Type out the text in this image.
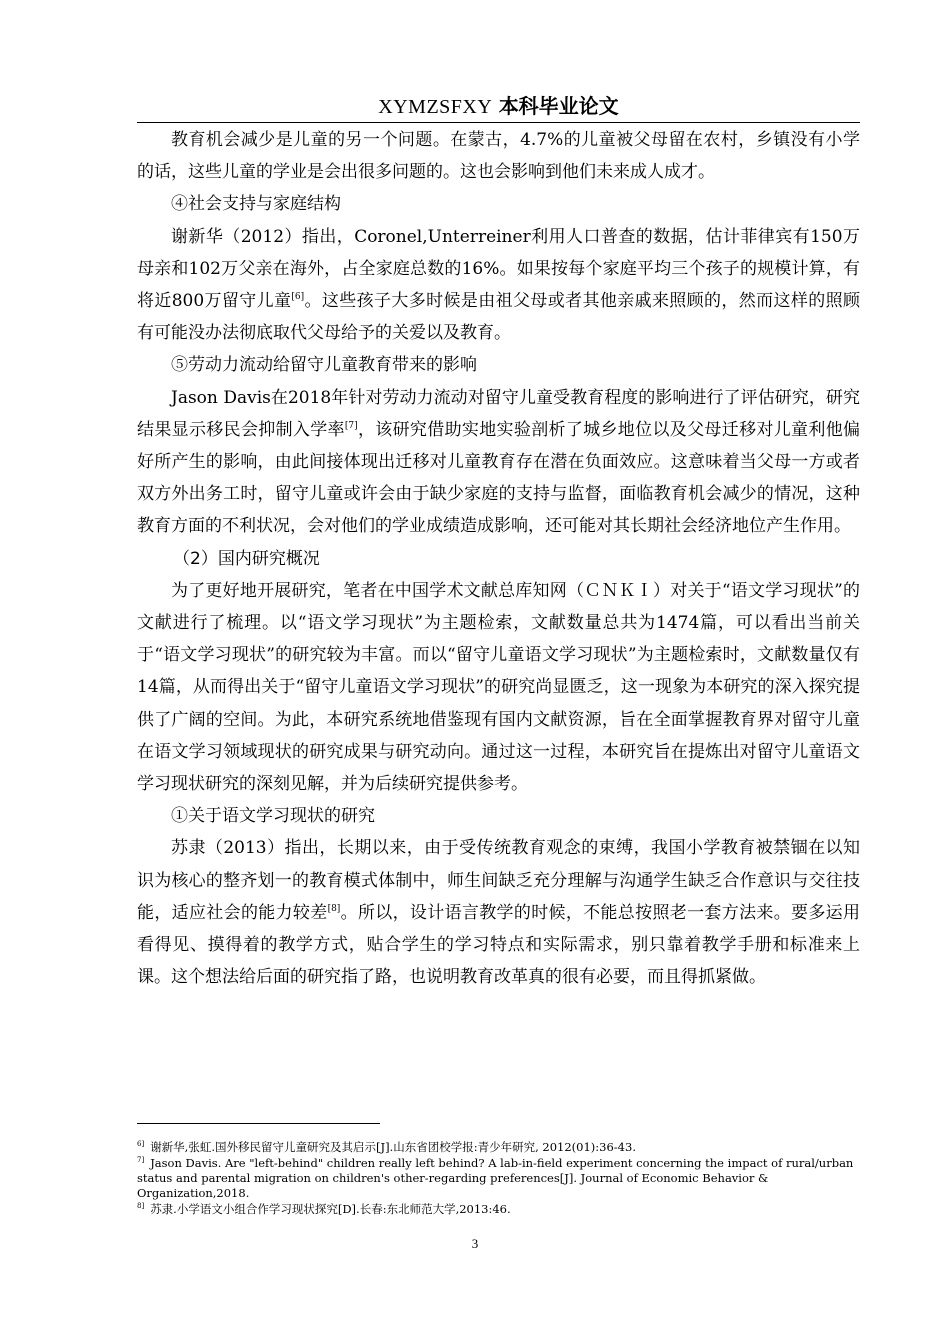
XYMZSFXY 本科毕业论文

教育机会减少是儿童的另一个问题。在蒙古，4.7%的儿童被父母留在农村，乡镇没有小学的话，这些儿童的学业是会出很多问题的。这也会影响到他们未来成人成才。

④社会支持与家庭结构

谢新华（2012）指出，Coronel,Unterreiner利用人口普查的数据，估计菲律宾有150万母亲和102万父亲在海外，占全家庭总数的16%。如果按每个家庭平均三个孩子的规模计算，有将近800万留守儿童[6]。这些孩子大多时候是由祖父母或者其他亲戚来照顾的，然而这样的照顾有可能没办法彻底取代父母给予的关爱以及教育。

⑤劳动力流动给留守儿童教育带来的影响

Jason Davis在2018年针对劳动力流动对留守儿童受教育程度的影响进行了评估研究，研究结果显示移民会抑制入学率[7]，该研究借助实地实验剖析了城乡地位以及父母迁移对儿童利他偏好所产生的影响，由此间接体现出迁移对儿童教育存在潜在负面效应。这意味着当父母一方或者双方外出务工时，留守儿童或许会由于缺少家庭的支持与监督，面临教育机会减少的情况，这种教育方面的不利状况，会对他们的学业成绩造成影响，还可能对其长期社会经济地位产生作用。

（2）国内研究概况

为了更好地开展研究，笔者在中国学术文献总库知网（ＣＮＫＩ）对关于“语文学习现状”的文献进行了梳理。以“语文学习现状”为主题检索，文献数量总共为1474篇，可以看出当前关于“语文学习现状”的研究较为丰富。而以“留守儿童语文学习现状”为主题检索时，文献数量仅有14篇，从而得出关于“留守儿童语文学习现状”的研究尚显匮乏，这一现象为本研究的深入探究提供了广阔的空间。为此，本研究系统地借鉴现有国内文献资源，旨在全面掌握教育界对留守儿童在语文学习领域现状的研究成果与研究动向。通过这一过程，本研究旨在提炼出对留守儿童语文学习现状研究的深刻见解，并为后续研究提供参考。

①关于语文学习现状的研究

苏隶（2013）指出，长期以来，由于受传统教育观念的束缚，我国小学教育被禁锢在以知识为核心的整齐划一的教育模式体制中，师生间缺乏充分理解与沟通学生缺乏合作意识与交往技能，适应社会的能力较差[8]。所以，设计语言教学的时候，不能总按照老一套方法来。要多运用看得见、摸得着的教学方式，贴合学生的学习特点和实际需求，别只靠着教学手册和标准来上课。这个想法给后面的研究指了路，也说明教育改革真的很有必要，而且得抓紧做。

$^{6]}$ 谢新华,张虹.国外移民留守儿童研究及其启示[J].山东省团校学报:青少年研究, 2012(01):36-43.
$^{7]}$ Jason Davis. Are "left-behind" children really left behind? A lab-in-field experiment concerning the impact of rural/urban status and parental migration on children's other-regarding preferences[J]. Journal of Economic Behavior & Organization,2018.
$^{8]}$ 苏隶.小学语文小组合作学习现状探究[D].长春:东北师范大学,2013:46.
3
